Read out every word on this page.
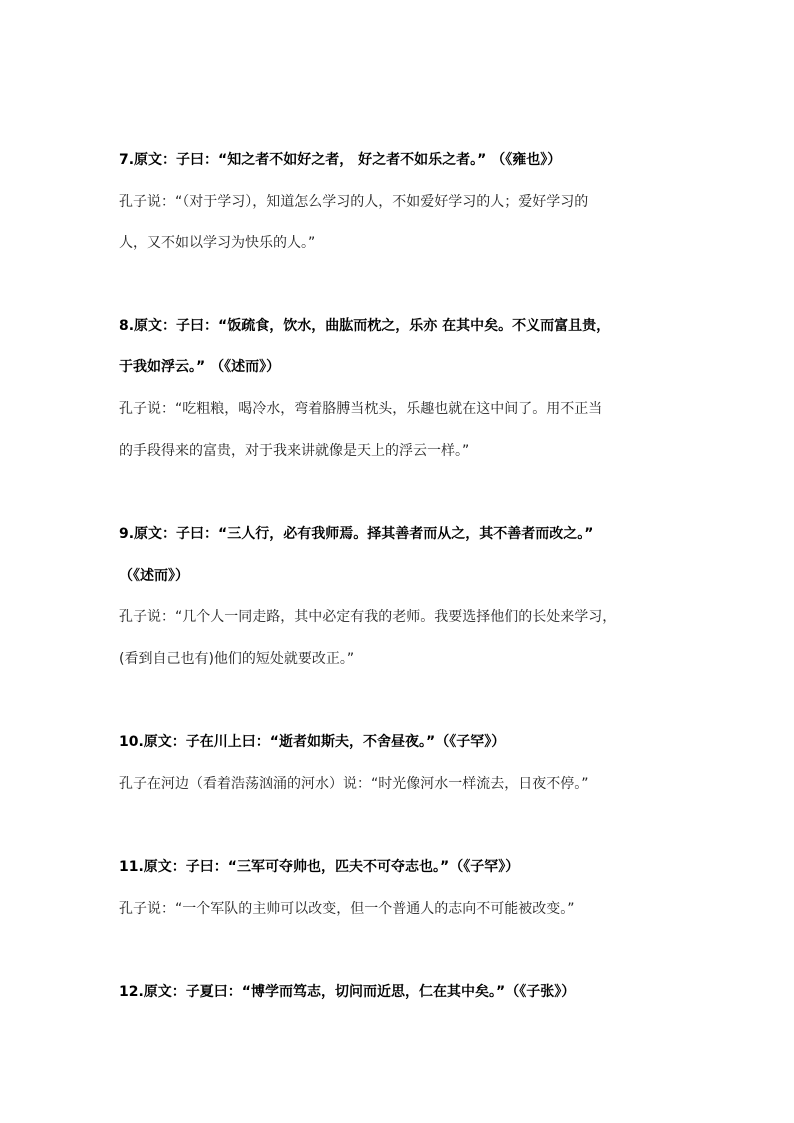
7.原文：子曰：“知之者不如好之者， 好之者不如乐之者。” （《雍也》）

孔子说：“（对于学习），知道怎么学习的人，不如爱好学习的人；爱好学习的

人，又不如以学习为快乐的人。”

8.原文：子曰：“饭疏食，饮水，曲肱而枕之，乐亦 在其中矣。不义而富且贵，

于我如浮云。” （《述而》）

孔子说：“吃粗粮，喝冷水，弯着胳膊当枕头，乐趣也就在这中间了。用不正当

的手段得来的富贵，对于我来讲就像是天上的浮云一样。”

9.原文：子曰：“三人行，必有我师焉。择其善者而从之，其不善者而改之。”

（《述而》）

孔子说：“几个人一同走路，其中必定有我的老师。我要选择他们的长处来学习，

(看到自己也有)他们的短处就要改正。”

10.原文：子在川上曰：“逝者如斯夫，不舍昼夜。”（《子罕》）

孔子在河边（看着浩荡汹涌的河水）说：“时光像河水一样流去，日夜不停。”

11.原文：子曰：“三军可夺帅也，匹夫不可夺志也。”（《子罕》）

孔子说：“一个军队的主帅可以改变，但一个普通人的志向不可能被改变。”

12.原文：子夏曰：“博学而笃志，切问而近思，仁在其中矣。”（《子张》）
